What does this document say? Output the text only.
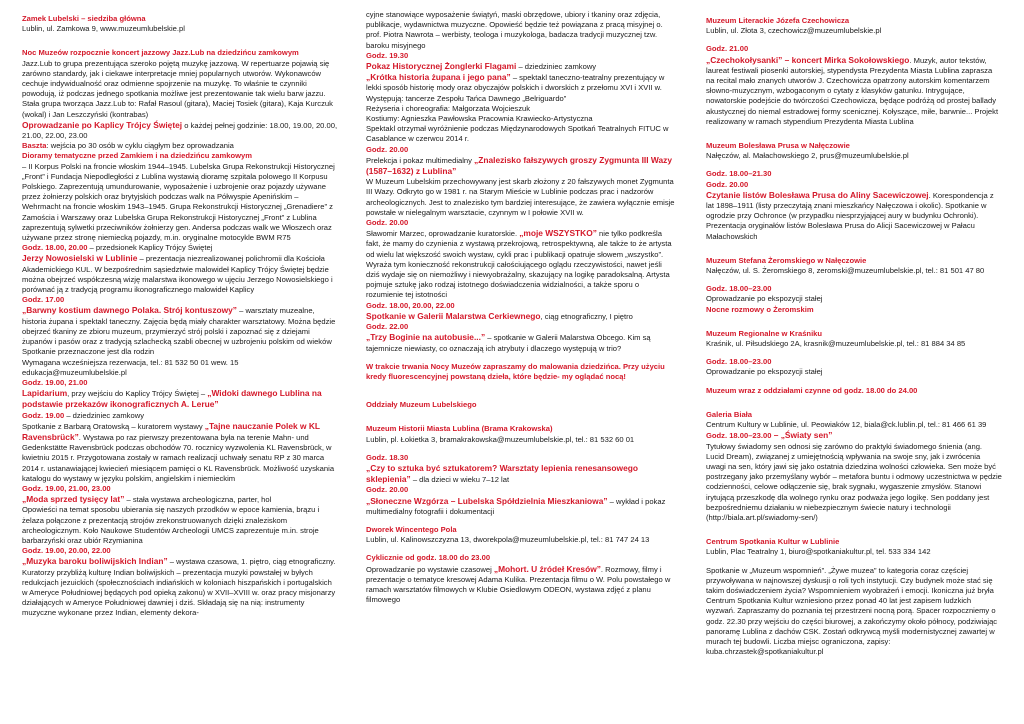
Zamek Lubelski – siedziba główna

Lublin, ul. Zamkowa 9, www.muzeumlubelskie.pl

Noc Muzeów rozpocznie koncert jazzowy Jazz.Lub na dziedzińcu zamkowym

Jazz.Lub to grupa prezentująca szeroko pojętą muzykę jazzową. W repertuarze pojawią się zarówno standardy, jak i ciekawe interpretacje mniej popularnych utworów. Wykonawców cechuje indywidualność oraz odmienne spojrzenie na muzykę. To właśnie te czynniki powodują, iż podczas jednego spotkania możliwe jest prezentowanie tak wielu barw jazzu. Stała grupa tworząca Jazz.Lub to: Rafał Rasoul (gitara), Maciej Tosiek (gitara), Kaja Kurczuk (wokal) i Jan Leszczyński (kontrabas)

Oprowadzanie po Kaplicy Trójcy Świętej o każdej pełnej godzinie: 18.00, 19.00, 20.00, 21.00, 22.00, 23.00

Baszta: wejścia po 30 osób w cyklu ciągłym bez oprowadzania

Dioramy tematyczne przed Zamkiem i na dziedzińcu zamkowym

– II Korpus Polski na froncie włoskim 1944–1945. Lubelska Grupa Rekonstrukcji Historycznej „Front” i Fundacja Niepodległości z Lublina wystawią dioramę szpitala polowego II Korpusu Polskiego. Zaprezentują umundurowanie, wyposażenie i uzbrojenie oraz pojazdy używane przez żołnierzy polskich oraz brytyjskich podczas walk na Półwyspie Apenińskim – Wehrmacht na froncie włoskim 1943–1945. Grupa Rekonstrukcji Historycznej „Grenadiere” z Zamościa i Warszawy oraz Lubelska Grupa Rekonstrukcji Historycznej „Front” z Lublina zaprezentują sylwetki przeciwników żołnierzy gen. Andersa podczas walk we Włoszech oraz używane przez stronę niemiecką pojazdy, m.in. oryginalne motocykle BWM R75

Godz. 18.00, 20.00 – przedsionek Kaplicy Trójcy Świętej

Jerzy Nowosielski w Lublinie – prezentacja niezrealizowanej polichromii dla Kościoła Akademickiego KUL. W bezpośrednim sąsiedztwie malowideł Kaplicy Trójcy Świętej będzie można obejrzeć współczesną wizję malarstwa ikonowego w ujęciu Jerzego Nowosielskiego i porównać ją z tradycją programu ikonograficznego malowideł Kaplicy

Godz. 17.00

„Barwny kostium dawnego Polaka. Strój kontuszowy” – warsztaty muzealne, historia żupana i spektakl taneczny. Zajęcia będą miały charakter warsztatowy. Można będzie obejrzeć tkaniny ze zbioru muzeum, przymierzyć strój polski i zapoznać się z dziejami żupanów i pasów oraz z tradycją szlachecką szabli obecnej w uzbrojeniu polskim od wieków Spotkanie przeznaczone jest dla rodzin

Wymagana wcześniejsza rezerwacja, tel.: 81 532 50 01 wew. 15

edukacja@muzeumlubelskie.pl

Godz. 19.00, 21.00

Lapidarium, przy wejściu do Kaplicy Trójcy Świętej – „Widoki dawnego Lublina na podstawie przekazów ikonograficznych A. Lerue”

Godz. 19.00 – dziedziniec zamkowy

Spotkanie z Barbarą Oratowską – kuratorem wystawy „Tajne nauczanie Polek w KL Ravensbrück”. Wystawa po raz pierwszy prezentowana była na terenie Mahn- und Gedenkstätte Ravensbrück podczas obchodów 70. rocznicy wyzwolenia KL Ravensbrück, w kwietniu 2015 r. Przygotowana zostały w ramach realizacji uchwały senatu RP z 30 marca 2014 r. ustanawiającej kwiecień miesiącem pamięci o KL Ravensbrück. Możliwość uzyskania katalogu do wystawy w języku polskim, angielskim i niemieckim

Godz. 19.00, 21.00, 23.00

„Moda sprzed tysięcy lat” – stała wystawa archeologiczna, parter, hol

Opowieści na temat sposobu ubierania się naszych przodków w epoce kamienia, brązu i żelaza połączone z prezentacją strojów zrekonstruowanych dzięki znaleziskom archeologicznym. Koło Naukowe Studentów Archeologii UMCS zaprezentuje m.in. stroje barbarzyński oraz ubiór Rzymianina

Godz. 19.00, 20.00, 22.00

„Muzyka baroku boliwijskich Indian” – wystawa czasowa, 1. piętro, ciąg etnograficzny. Kuratorzy przybliżą kulturę Indian boliwijskich – prezentacja muzyki powstałej w byłych redukcjach jezuickich (społecznościach indiańskich w koloniach hiszpańskich i portugalskich w Ameryce Południowej będących pod opieką zakonu) w XVII–XVIII w. oraz pracy misjonarzy działających w Ameryce Południowej dawniej i dziś. Składają się na nią: instrumenty muzyczne wykonane przez Indian, elementy dekora-

cyjne stanowiące wyposażenie świątyń, maski obrzędowe, ubiory i tkaniny oraz zdjęcia, publikacje, wydawnictwa muzyczne. Opowieść będzie też powiązana z pracą misyjnej o. prof. Piotra Nawrota – werbisty, teologa i muzykologa, badacza tradycji muzycznej tzw. baroku misyjnego

Godz. 19.30

Pokaz Historycznej Żonglerki Flagami – dziedziniec zamkowy

„Krótka historia żupana i jego pana” – spektakl taneczno-teatralny prezentujący w lekki sposób historię mody oraz obyczajów polskich i dworskich z przełomu XVI i XVII w.

Występują: tancerze Zespołu Tańca Dawnego „Belriguardo”

Reżyseria i choreografia: Małgorzata Wojcieszuk

Kostiumy: Agnieszka Pawłowska Pracownia Krawiecko-Artystyczna

Spektakl otrzymał wyróżnienie podczas Międzynarodowych Spotkań Teatralnych FITUC w Casablance w czerwcu 2014 r.

Godz. 20.00

Prelekcja i pokaz multimedialny „Znalezisko fałszywych groszy Zygmunta III Wazy (1587–1632) z Lublina”

W Muzeum Lubelskim przechowywany jest skarb złożony z 20 fałszywych monet Zygmunta III Wazy. Odkryto go w 1981 r. na Starym Mieście w Lublinie podczas prac i nadzorów archeologicznych. Jest to znalezisko tym bardziej interesujące, że zawiera wyłącznie emisje powstałe w nielegalnym warsztacie, czynnym w I połowie XVII w.

Godz. 20.00

Sławomir Marzec, oprowadzanie kuratorskie. „moje WSZYSTKO” nie tylko podkreśla fakt, że mamy do czynienia z wystawą przekrojową, retrospektywną, ale także to że artysta od wielu lat większość swoich wystaw, cykli prac i publikacji opatruje słowem „wszystko”. Wyraża tym konieczność rekonstrukcji całościującego oglądu rzeczywistości, nawet jeśli dziś wydaje się on niemożliwy i niewyobrażalny, skazujący na logikę paradoksalną. Artysta pojmuje sztukę jako rodzaj istotnego doświadczenia widzialności, a także sporu o rozumienie tej istotności

Godz. 18.00, 20.00, 22.00

Spotkanie w Galerii Malarstwa Cerkiewnego, ciąg etnograficzny, I piętro

Godz. 22.00

„Trzy Boginie na autobusie...” – spotkanie w Galerii Malarstwa Obcego. Kim są tajemnicze niewiasty, co oznaczają ich atrybuty i dlaczego występują w trio?

W trakcie trwania Nocy Muzeów zapraszamy do malowania dziedzińca. Przy użyciu kredy fluorescencyjnej powstaną dzieła, które będzie- my oglądać nocą!

Oddziały Muzeum Lubelskiego

Muzeum Historii Miasta Lublina (Brama Krakowska)

Lublin, pl. Łokietka 3, bramakrakowska@muzeumlubelskie.pl, tel.: 81 532 60 01

Godz. 18.30

„Czy to sztuka być sztukatorem? Warsztaty lepienia renesansowego sklepienia” – dla dzieci w wieku 7–12 lat

Godz. 20.00

„Słoneczne Wzgórza – Lubelska Spółdzielnia Mieszkaniowa” – wykład i pokaz multimedialny fotografii i dokumentacji

Dworek Wincentego Pola

Lublin, ul. Kalinowszczyzna 13, dworekpola@muzeumlubelskie.pl, tel.: 81 747 24 13

Cyklicznie od godz. 18.00 do 23.00

Oprowadzanie po wystawie czasowej „Mohort. U źródeł Kresów”. Rozmowy, filmy i prezentacje o tematyce kresowej Adama Kulika. Prezentacja filmu o W. Polu powstałego w ramach warsztatów filmowych w Klubie Osiedlowym ODEON, wystawa zdjęć z planu filmowego

Muzeum Literackie Józefa Czechowicza

Lublin, ul. Złota 3, czechowicz@muzeumlubelskie.pl

Godz. 21.00

„Czechokołysanki” – koncert Mirka Sokołowskiego. Muzyk, autor tekstów, laureat festiwali piosenki autorskiej, stypendysta Prezydenta Miasta Lublina zaprasza na recital mało znanych utworów J. Czechowicza opatrzony autorskim komentarzem słowno-muzycznym, wzbogaconym o cytaty z klasyków gatunku. Intrygujące, nowatorskie podejście do twórczości Czechowicza, będące podróżą od prostej ballady akustycznej do niemal estradowej formy scenicznej. Kołyszące, miłe, barwnie... Projekt realizowany w ramach stypendium Prezydenta Miasta Lublina

Muzeum Bolesława Prusa w Nałęczowie

Nałęczów, al. Małachowskiego 2, prus@muzeumlubelskie.pl

Godz. 18.00–21.30

Godz. 20.00

Czytanie listów Bolesława Prusa do Aliny Sacewiczowej. Korespondencja z lat 1898–1911 (listy przeczytają znani mieszkańcy Nałęczowa i okolic). Spotkanie w ogrodzie przy Ochronce (w przypadku niesprzyjającej aury w budynku Ochronki). Prezentacja oryginałów listów Bolesława Prusa do Alicji Sacewiczowej w Pałacu Małachowskich

Muzeum Stefana Żeromskiego w Nałęczowie

Nałęczów, ul. S. Żeromskiego 8, zeromski@muzeumlubelskie.pl, tel.: 81 501 47 80

Godz. 18.00–23.00

Oprowadzanie po ekspozycji stałej

Nocne rozmowy o Żeromskim

Muzeum Regionalne w Kraśniku

Kraśnik, ul. Piłsudskiego 2A, krasnik@muzeumlubelskie.pl, tel.: 81 884 34 85

Godz. 18.00–23.00

Oprowadzanie po ekspozycji stałej

Muzeum wraz z oddziałami czynne od godz. 18.00 do 24.00

Galeria Biała

Centrum Kultury w Lublinie, ul. Peowiaków 12, biala@ck.lublin.pl, tel.: 81 466 61 39

Godz. 18.00–23.00 – „Światy sen”

Tytułowy świadomy sen odnosi się zarówno do praktyki świadomego śnienia (ang. Lucid Dream), związanej z umiejętnością wpływania na swoje sny, jak i zwrócenia uwagi na sen, który jawi się jako ostatnia dziedzina wolności człowieka. Sen może być postrzegany jako przemyślany wybór – metafora buntu i odmowy uczestnictwa w pędzie codzienności, celowe odłączenie się, brak sygnału, wygaszenie zmysłów. Stanowi irytującą przeszkodę dla wolnego rynku oraz podważa jego logikę. Sen poddany jest bezpośredniemu działaniu w niebezpiecznym świecie natury i technologii (http://biala.art.pl/swiadomy-sen/)

Centrum Spotkania Kultur w Lublinie

Lublin, Plac Teatralny 1, biuro@spotkaniakultur.pl, tel. 533 334 142

Spotkanie w „Muzeum wspomnień”. „Żywe muzea” to kategoria coraz częściej przywoływana w najnowszej dyskusji o roli tych instytucji. Czy budynek może stać się takim doświadczeniem życia? Wspomnieniem wyobrażeń i emocji. Ikoniczna już bryła Centrum Spotkania Kultur wzniesiono przez ponad 40 lat jest zapisem ludzkich wyzwań. Zapraszamy do poznania tej przestrzeni nocną porą. Spacer rozpoczniemy o godz. 22.30 przy wejściu do części biurowej, a zakończymy około północy, podziwiając panoramę Lublina z dachów CSK. Zostań odkrywcą myśli modernistycznej zawartej w murach tej budowli. Liczba miejsc ograniczona, zapisy: kuba.chrzastek@spotkaniakultur.pl
